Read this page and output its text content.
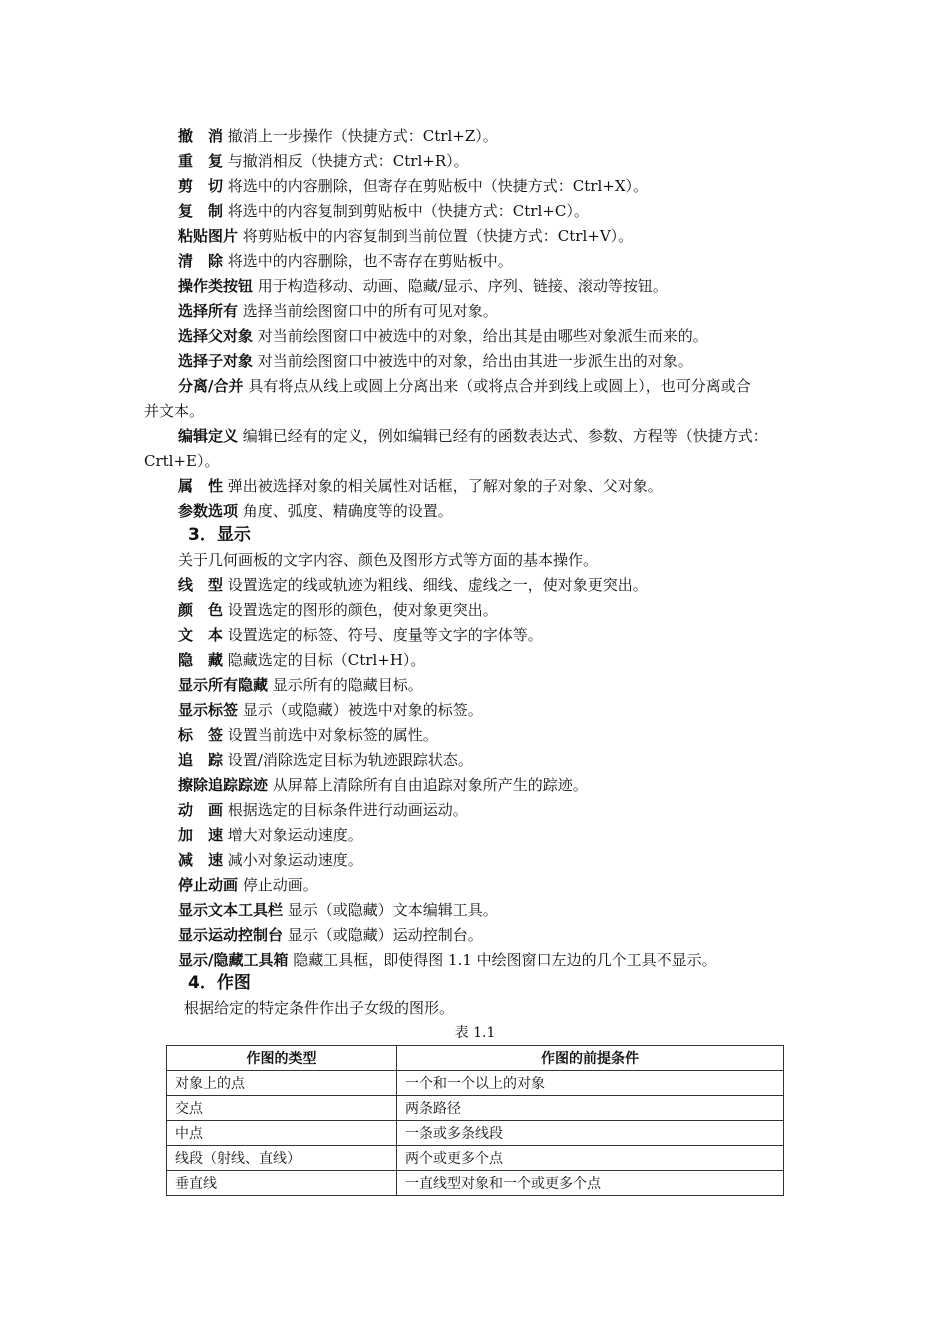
撤　消 撤消上一步操作（快捷方式：Ctrl+Z）。
重　复 与撤消相反（快捷方式：Ctrl+R）。
剪　切 将选中的内容删除，但寄存在剪贴板中（快捷方式：Ctrl+X）。
复　制 将选中的内容复制到剪贴板中（快捷方式：Ctrl+C）。
粘贴图片 将剪贴板中的内容复制到当前位置（快捷方式：Ctrl+V）。
清　除 将选中的内容删除，也不寄存在剪贴板中。
操作类按钮 用于构造移动、动画、隐藏/显示、序列、链接、滚动等按钮。
选择所有 选择当前绘图窗口中的所有可见对象。
选择父对象 对当前绘图窗口中被选中的对象，给出其是由哪些对象派生而来的。
选择子对象 对当前绘图窗口中被选中的对象，给出由其进一步派生出的对象。
分离/合并 具有将点从线上或圆上分离出来（或将点合并到线上或圆上），也可分离或合
并文本。
编辑定义 编辑已经有的定义，例如编辑已经有的函数表达式、参数、方程等（快捷方式：
Crtl+E）。
属　性 弹出被选择对象的相关属性对话框，了解对象的子对象、父对象。
参数选项 角度、弧度、精确度等的设置。
3．显示
关于几何画板的文字内容、颜色及图形方式等方面的基本操作。
线　型 设置选定的线或轨迹为粗线、细线、虚线之一，使对象更突出。
颜　色 设置选定的图形的颜色，使对象更突出。
文　本 设置选定的标签、符号、度量等文字的字体等。
隐　藏 隐藏选定的目标（Ctrl+H）。
显示所有隐藏 显示所有的隐藏目标。
显示标签 显示（或隐藏）被选中对象的标签。
标　签 设置当前选中对象标签的属性。
追　踪 设置/消除选定目标为轨迹跟踪状态。
擦除追踪踪迹 从屏幕上清除所有自由追踪对象所产生的踪迹。
动　画 根据选定的目标条件进行动画运动。
加　速 增大对象运动速度。
减　速 减小对象运动速度。
停止动画 停止动画。
显示文本工具栏 显示（或隐藏）文本编辑工具。
显示运动控制台 显示（或隐藏）运动控制台。
显示/隐藏工具箱 隐藏工具框，即使得图 1.1 中绘图窗口左边的几个工具不显示。
4．作图
根据给定的特定条件作出子女级的图形。
表 1.1
作图的类型	作图的前提条件
对象上的点	一个和一个以上的对象
交点	两条路径
中点	一条或多条线段
线段（射线、直线）	两个或更多个点
垂直线	一直线型对象和一个或更多个点
